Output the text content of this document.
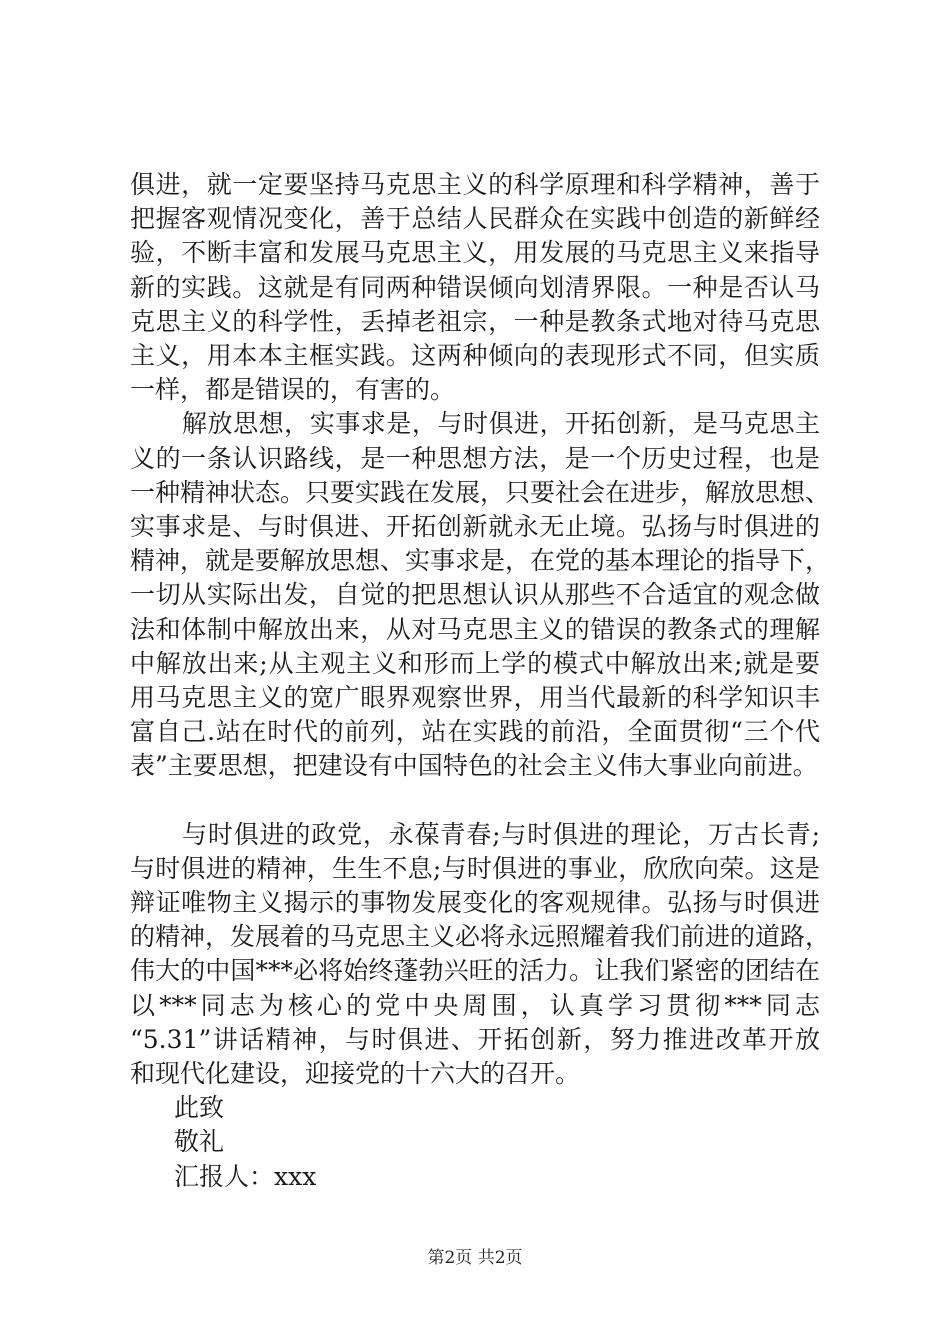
俱进，就一定要坚持马克思主义的科学原理和科学精神，善于
把握客观情况变化，善于总结人民群众在实践中创造的新鲜经
验，不断丰富和发展马克思主义，用发展的马克思主义来指导
新的实践。这就是有同两种错误倾向划清界限。一种是否认马
克思主义的科学性，丢掉老祖宗，一种是教条式地对待马克思
主义，用本本主框实践。这两种倾向的表现形式不同，但实质
一样，都是错误的，有害的。
解放思想，实事求是，与时俱进，开拓创新，是马克思主
义的一条认识路线，是一种思想方法，是一个历史过程，也是
一种精神状态。只要实践在发展，只要社会在进步，解放思想、
实事求是、与时俱进、开拓创新就永无止境。弘扬与时俱进的
精神，就是要解放思想、实事求是，在党的基本理论的指导下，
一切从实际出发，自觉的把思想认识从那些不合适宜的观念做
法和体制中解放出来，从对马克思主义的错误的教条式的理解
中解放出来;从主观主义和形而上学的模式中解放出来;就是要
用马克思主义的宽广眼界观察世界，用当代最新的科学知识丰
富自己.站在时代的前列，站在实践的前沿，全面贯彻“三个代
表”主要思想，把建设有中国特色的社会主义伟大事业向前进。
与时俱进的政党，永葆青春;与时俱进的理论，万古长青;
与时俱进的精神，生生不息;与时俱进的事业，欣欣向荣。这是
辩证唯物主义揭示的事物发展变化的客观规律。弘扬与时俱进
的精神，发展着的马克思主义必将永远照耀着我们前进的道路，
伟大的中国***必将始终蓬勃兴旺的活力。让我们紧密的团结在
以***同志为核心的党中央周围，认真学习贯彻***同志
“5.31”讲话精神，与时俱进、开拓创新，努力推进改革开放
和现代化建设，迎接党的十六大的召开。
此致
敬礼
汇报人：xxx
第2页 共2页
